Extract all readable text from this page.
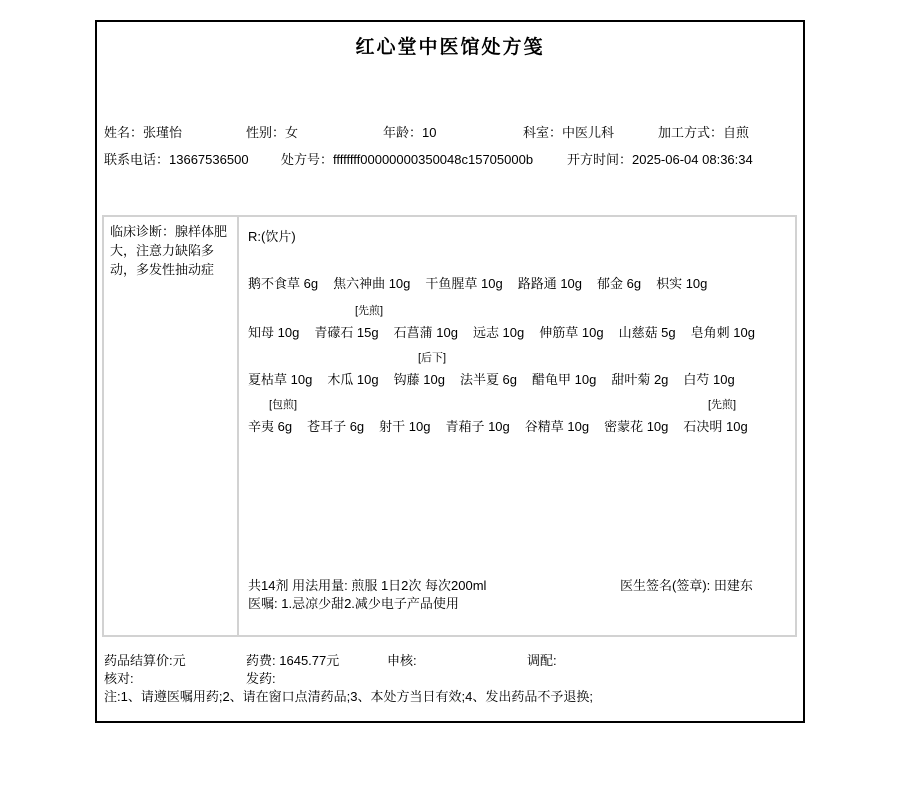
红心堂中医馆处方笺
姓名：张瑾怡	性别：女	年龄：10	科室：中医儿科	加工方式：自煎
联系电话：13667536500 处方号：ffffffff00000000350048c15705000b	开方时间：2025-06-04 08:36:34
临床诊断：腺样体肥大，注意力缺陷多动，多发性抽动症
R:(饮片)
鹅不食草 6g 焦六神曲 10g 干鱼腥草 10g 路路通 10g 郁金 6g 枳实 10g
[先煎]
知母 10g 青礞石 15g 石菖蒲 10g 远志 10g 伸筋草 10g 山慈菇 5g 皂角刺 10g
[后下]
夏枯草 10g 木瓜 10g 钩藤 10g 法半夏 6g 醋龟甲 10g 甜叶菊 2g 白芍 10g
[包煎]	[先煎]
辛夷 6g 苍耳子 6g 射干 10g 青葙子 10g 谷精草 10g 密蒙花 10g 石决明 10g
共14剂 用法用量: 煎服 1日2次 每次200ml	医生签名(签章): 田建东
医嘱: 1.忌凉少甜2.减少电子产品使用
药品结算价:元	药费: 1645.77元	申核:	调配:
核对:	发药:
注:1、请遵医嘱用药;2、请在窗口点清药品;3、本处方当日有效;4、发出药品不予退换;
